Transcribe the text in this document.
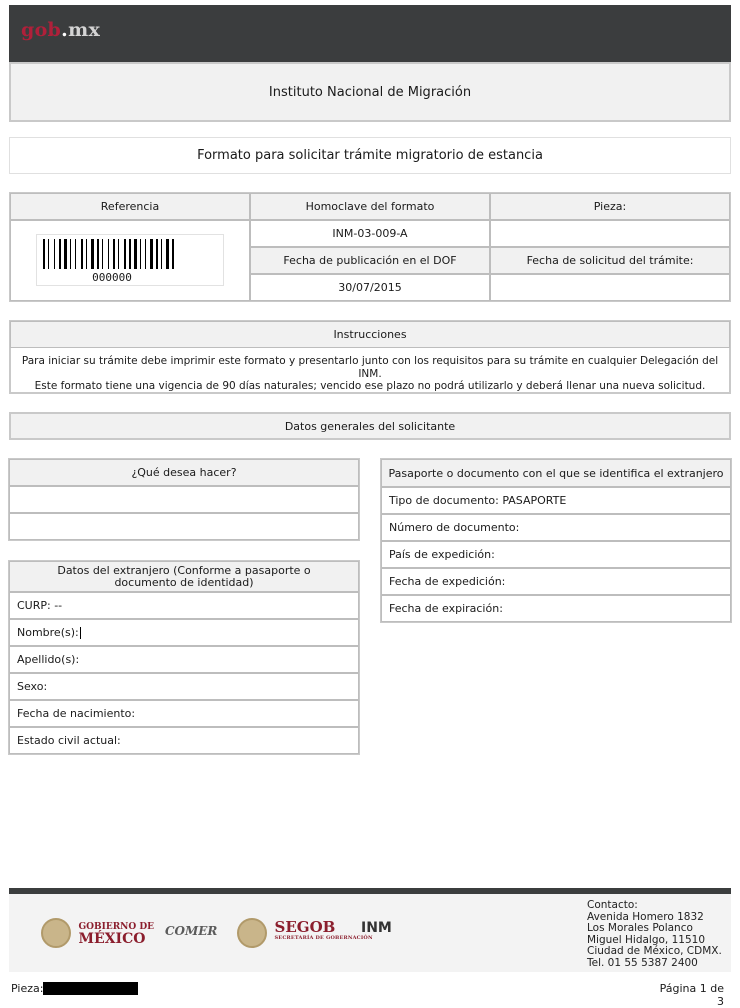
gob.mx
Instituto Nacional de Migración
Formato para solicitar trámite migratorio de estancia
Referencia	Homoclave del formato	Pieza:
000000
INM-03-009-A
Fecha de publicación en el DOF	Fecha de solicitud del trámite:
30/07/2015
Instrucciones
Para iniciar su trámite debe imprimir este formato y presentarlo junto con los requisitos para su trámite en cualquier Delegación del INM.
Este formato tiene una vigencia de 90 días naturales; vencido ese plazo no podrá utilizarlo y deberá llenar una nueva solicitud.
Datos generales del solicitante
¿Qué desea hacer?
Datos del extranjero (Conforme a pasaporte o documento de identidad)
CURP: --
Nombre(s):
Apellido(s):
Sexo:
Fecha de nacimiento:
Estado civil actual:
Pasaporte o documento con el que se identifica el extranjero
Tipo de documento: PASAPORTE
Número de documento:
País de expedición:
Fecha de expedición:
Fecha de expiración:

GOBIERNO DE
MÉXICO	COMER
	SEGOB
SECRETARÍA DE GOBERNACIÓN
INM
Contacto:
Avenida Homero 1832
Los Morales Polanco
Miguel Hidalgo, 11510
Ciudad de México, CDMX.
Tel. 01 55 5387 2400
Pieza:	Página 1 de 3
